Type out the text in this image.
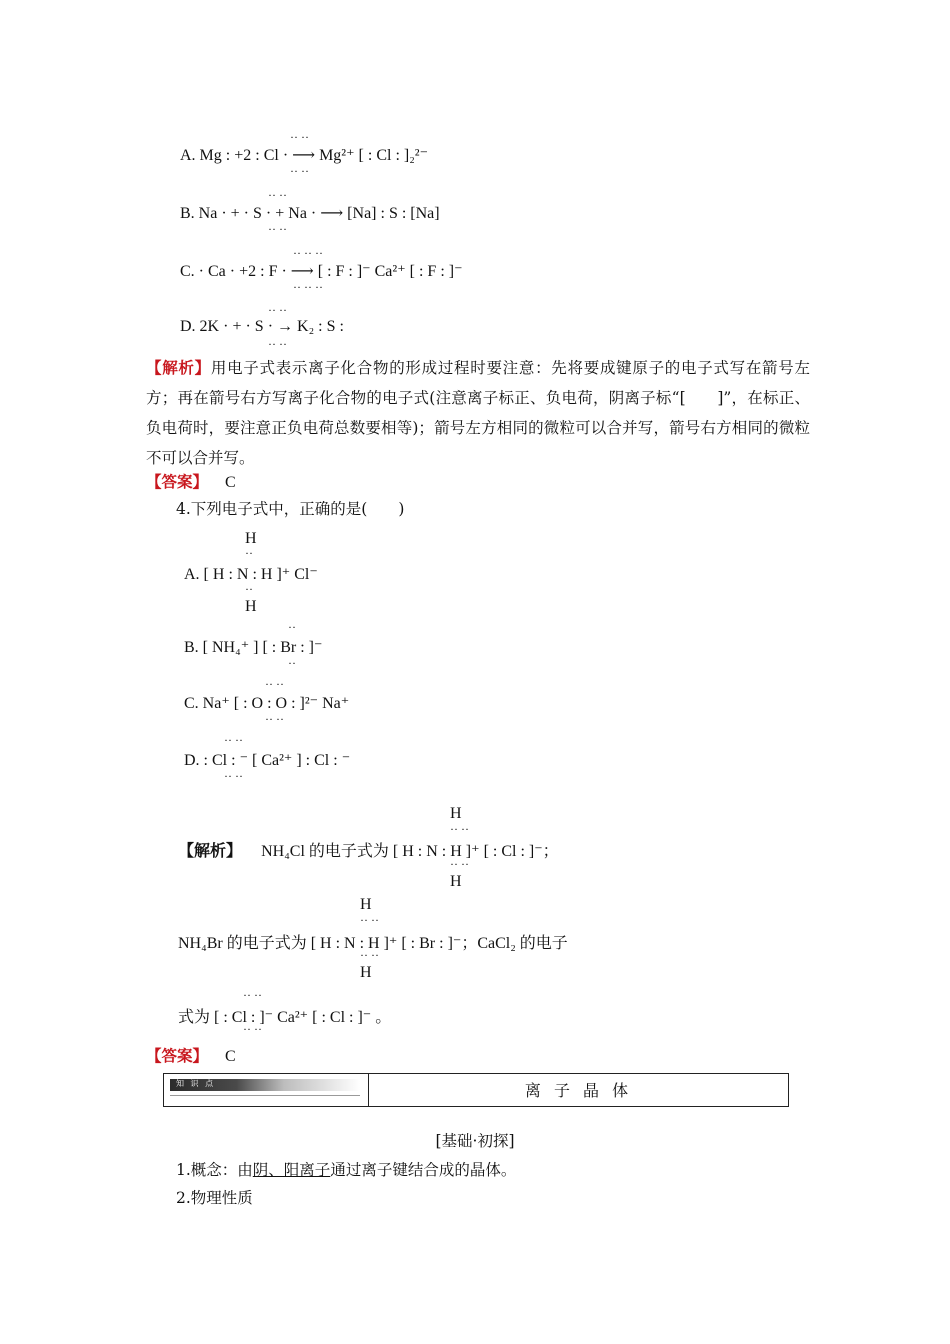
·· ··
A. Mg : +2 : Cl · ⟶ Mg²⁺ [ : Cl : ]₂²⁻
·· ··
·· ··
B. Na · + · S · + Na · ⟶ [Na] : S : [Na]
·· ··
·· ·· ··
C. · Ca · +2 : F · ⟶ [ : F : ]⁻ Ca²⁺ [ : F : ]⁻
·· ·· ··
·· ··
D. 2K · + · S · → K₂ : S :
·· ··
【解析】用电子式表示离子化合物的形成过程时要注意：先将要成键原子的电子式写在箭号左方；再在箭号右方写离子化合物的电子式(注意离子标正、负电荷，阴离子标“[　　]”，在标正、负电荷时，要注意正负电荷总数要相等)；箭号左方相同的微粒可以合并写，箭号右方相同的微粒不可以合并写。
【答案】 C
4.下列电子式中，正确的是(　　)
H
··
A. [ H : N : H ]⁺ Cl⁻
··
H
··
B. [ NH₄⁺ ] [ : Br : ]⁻
··
·· ··
C. Na⁺ [ : O : O : ]²⁻ Na⁺
·· ··
·· ··
D. : Cl : ⁻ [ Ca²⁺ ] : Cl : ⁻
·· ··
H
·· ··
【解析】 NH₄Cl 的电子式为 [ H : N : H ]⁺ [ : Cl : ]⁻；
·· ··
H
H
·· ··
NH₄Br 的电子式为 [ H : N : H ]⁺ [ : Br : ]⁻；CaCl₂ 的电子
·· ··
H
·· ··
式为 [ : Cl : ]⁻ Ca²⁺ [ : Cl : ]⁻ 。
·· ··
【答案】 C
知 识 点	离 子 晶 体
[基础·初探]
1.概念：由阴、阳离子通过离子键结合成的晶体。
2.物理性质
